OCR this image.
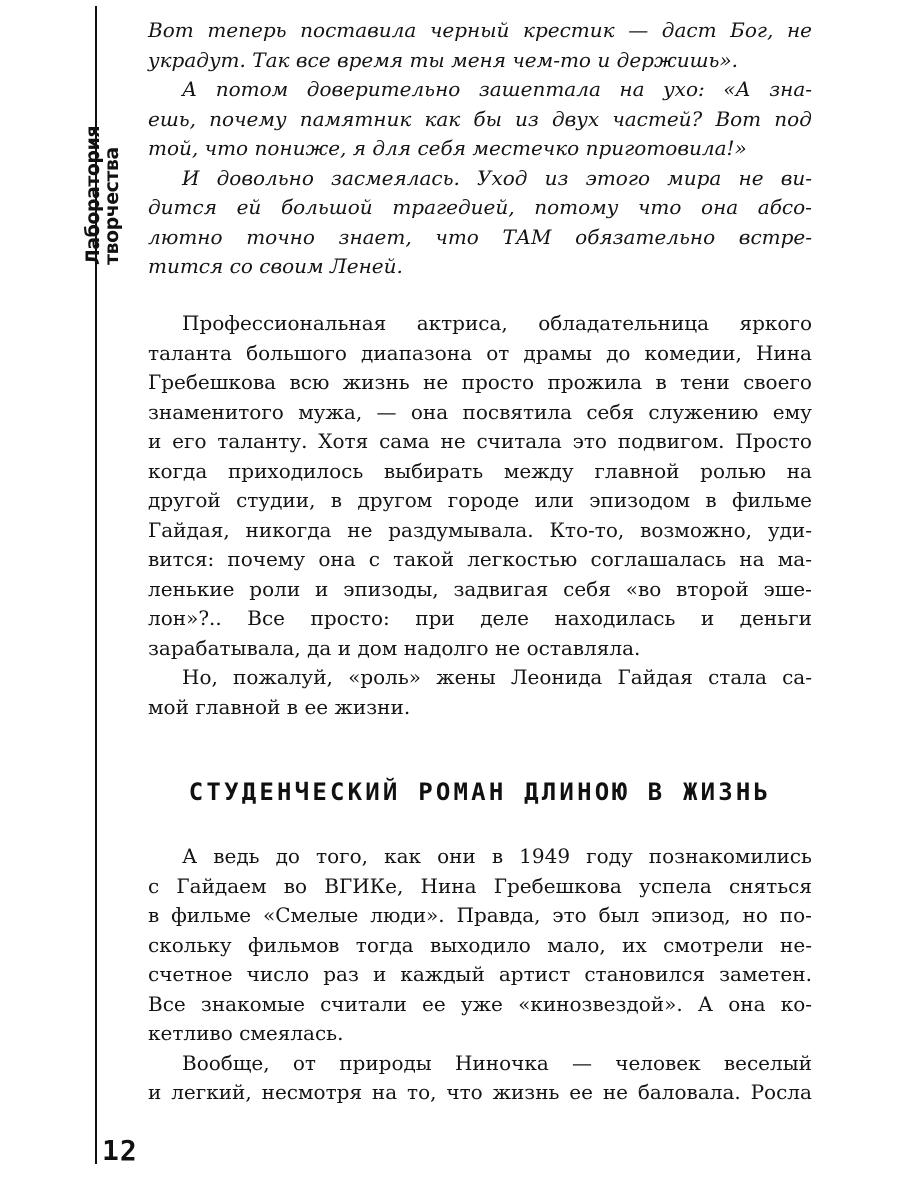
Лаборатория
творчества
Вот теперь поставила черный крестик — даст Бог, не
украдут. Так все время ты меня чем-то и держишь».
А потом доверительно зашептала на ухо: «А зна-
ешь, почему памятник как бы из двух частей? Вот под
той, что пониже, я для себя местечко приготовила!»
И довольно засмеялась. Уход из этого мира не ви-
дится ей большой трагедией, потому что она абсо-
лютно точно знает, что ТАМ обязательно встре-
тится со своим Леней.
Профессиональная актриса, обладательница яркого
таланта большого диапазона от драмы до комедии, Нина
Гребешкова всю жизнь не просто прожила в тени своего
знаменитого мужа, — она посвятила себя служению ему
и его таланту. Хотя сама не считала это подвигом. Просто
когда приходилось выбирать между главной ролью на
другой студии, в другом городе или эпизодом в фильме
Гайдая, никогда не раздумывала. Кто-то, возможно, уди-
вится: почему она с такой легкостью соглашалась на ма-
ленькие роли и эпизоды, задвигая себя «во второй эше-
лон»?.. Все просто: при деле находилась и деньги
зарабатывала, да и дом надолго не оставляла.
Но, пожалуй, «роль» жены Леонида Гайдая стала са-
мой главной в ее жизни.
СТУДЕНЧЕСКИЙ РОМАН ДЛИНОЮ В ЖИЗНЬ
А ведь до того, как они в 1949 году познакомились
с Гайдаем во ВГИКе, Нина Гребешкова успела сняться
в фильме «Смелые люди». Правда, это был эпизод, но по-
скольку фильмов тогда выходило мало, их смотрели не-
счетное число раз и каждый артист становился заметен.
Все знакомые считали ее уже «кинозвездой». А она ко-
кетливо смеялась.
Вообще, от природы Ниночка — человек веселый
и легкий, несмотря на то, что жизнь ее не баловала. Росла
12
